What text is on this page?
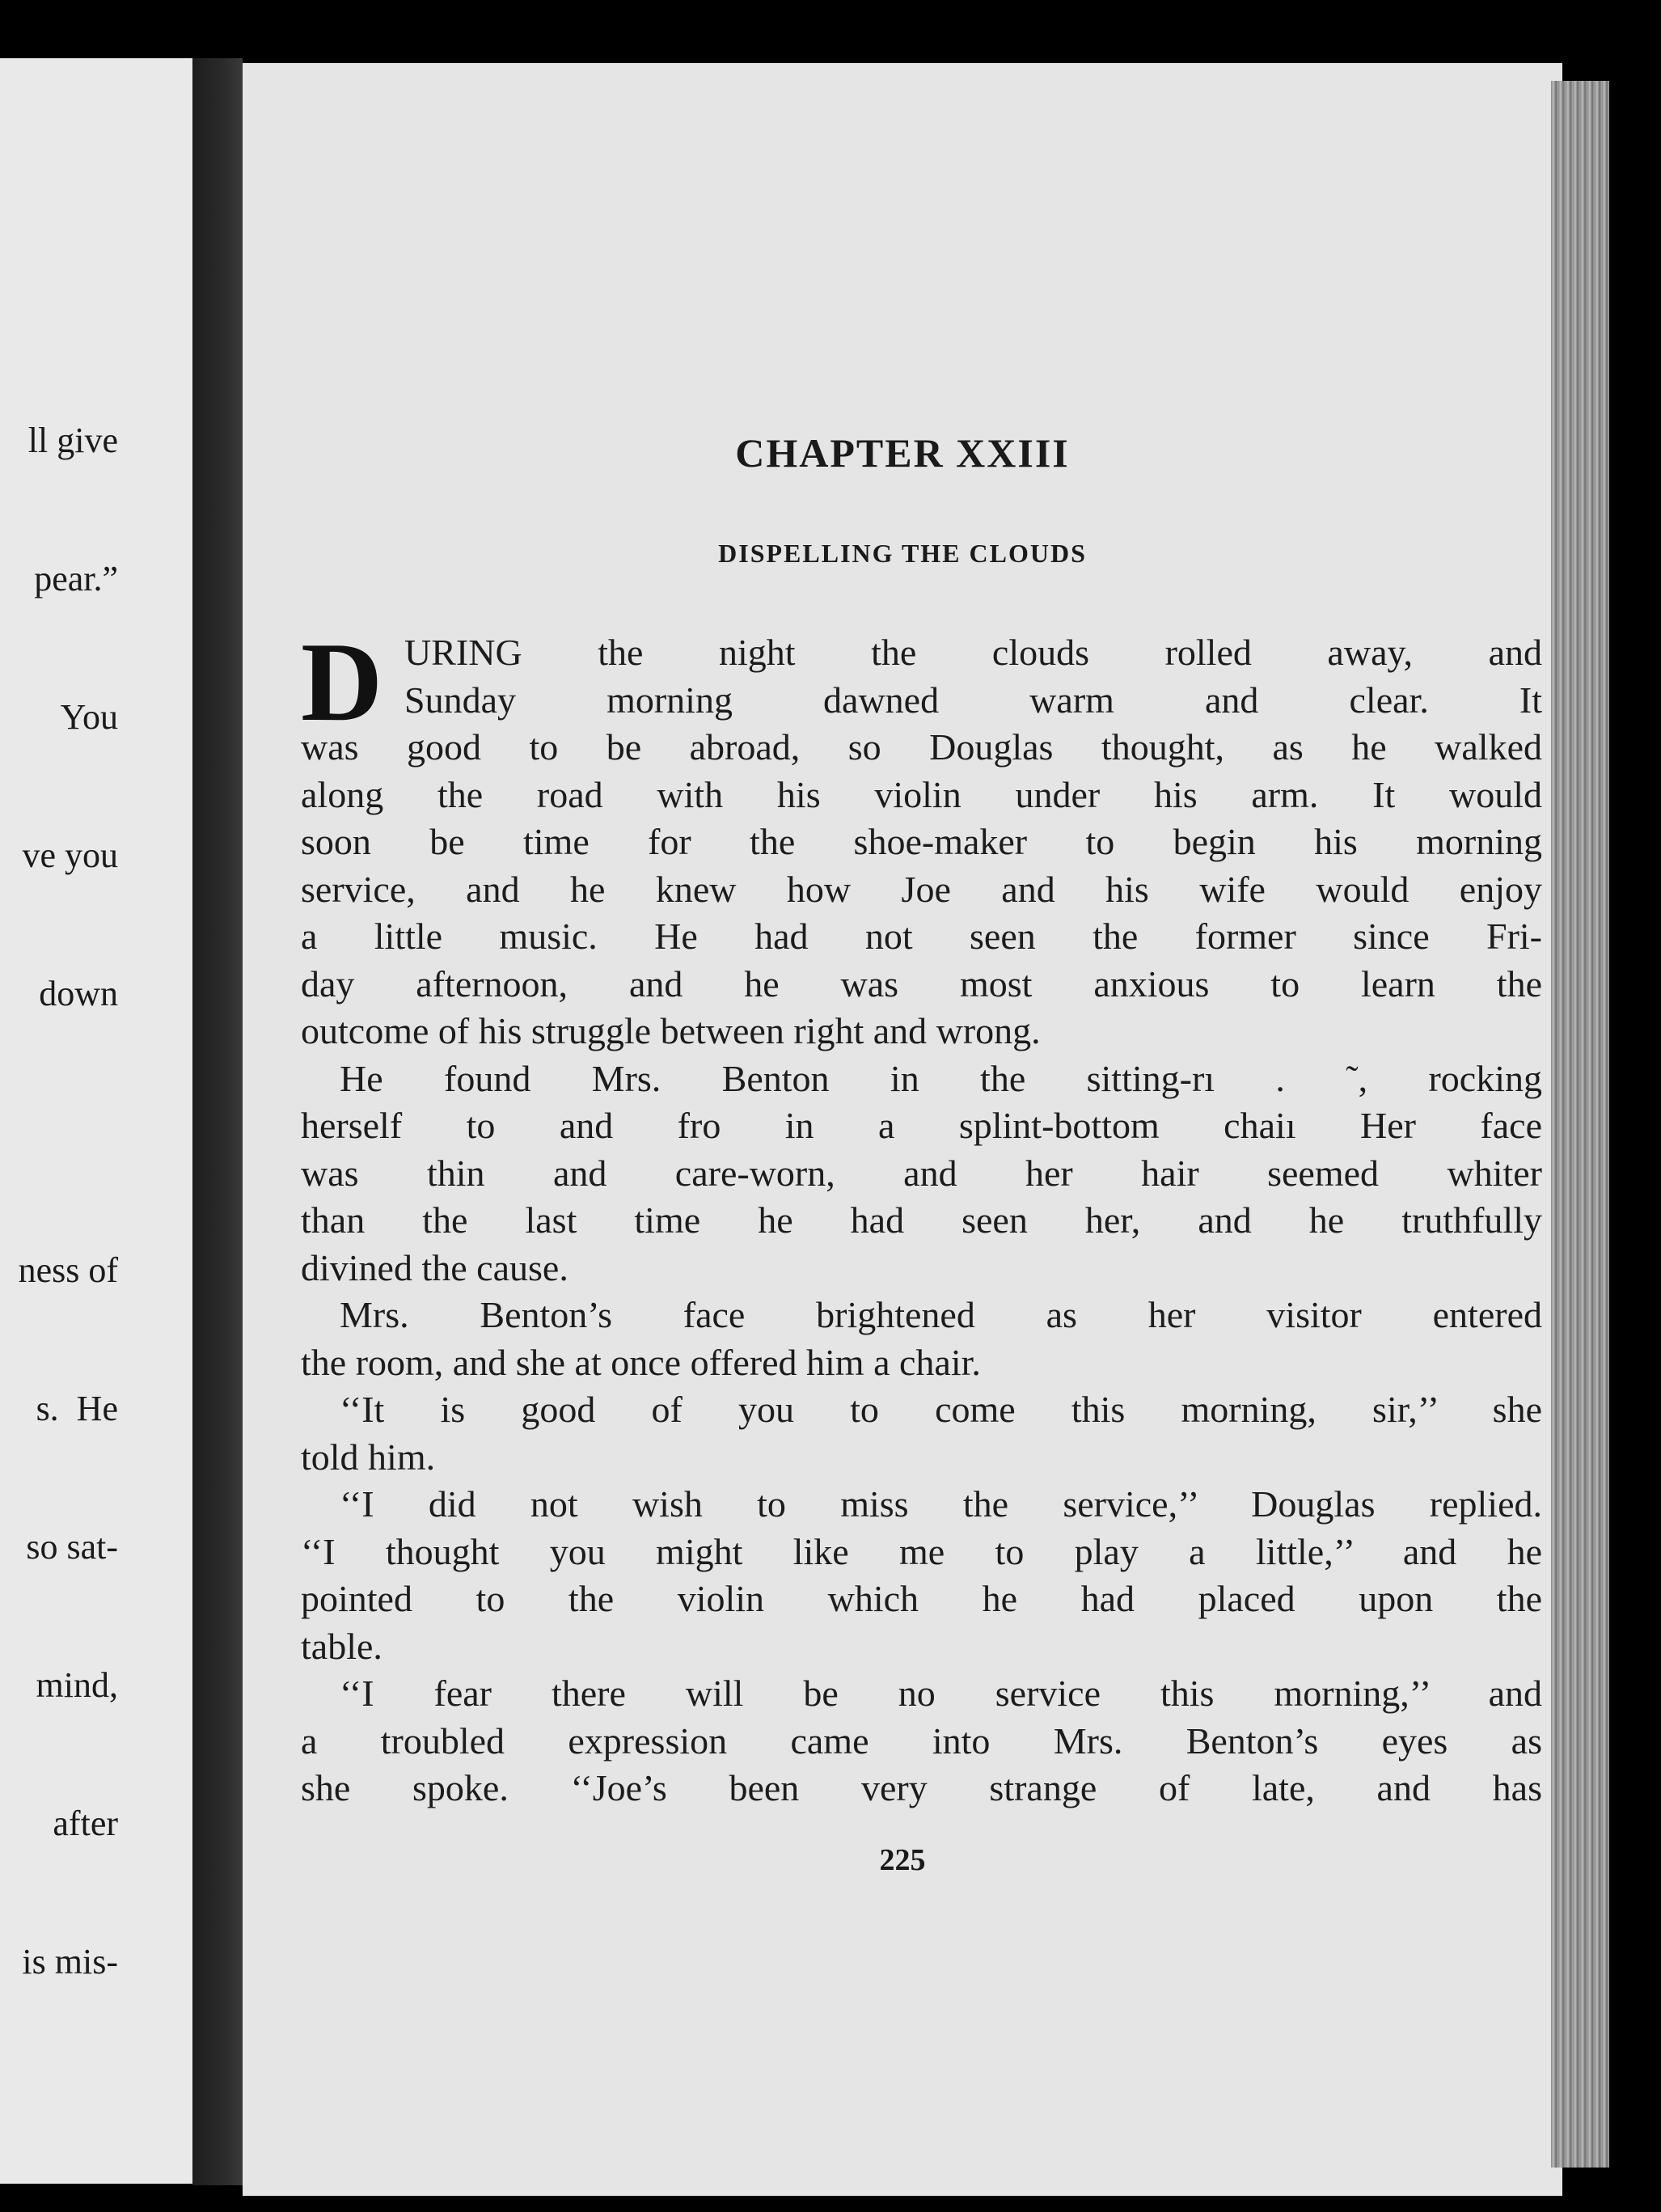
ll give

pear.”

You

ve you

down

ness of

s.  He

so sat-

mind,

after

is mis-

CHAPTER XXIII
DISPELLING THE CLOUDS
D URING the night the clouds rolled away, and
Sunday morning dawned warm and clear. It
was good to be abroad, so Douglas thought, as he walked
along the road with his violin under his arm. It would
soon be time for the shoe-maker to begin his morning
service, and he knew how Joe and his wife would enjoy
a little music. He had not seen the former since Fri-
day afternoon, and he was most anxious to learn the
outcome of his struggle between right and wrong.
He found Mrs. Benton in the sitting-rı . ˜, rocking
herself to and fro in a splint-bottom chaiı Her face
was thin and care-worn, and her hair seemed whiter
than the last time he had seen her, and he truthfully
divined the cause.
Mrs. Benton’s face brightened as her visitor entered
the room, and she at once offered him a chair.
‘‘It is good of you to come this morning, sir,’’ she
told him.
‘‘I did not wish to miss the service,’’ Douglas replied.
‘‘I thought you might like me to play a little,’’ and he
pointed to the violin which he had placed upon the
table.
‘‘I fear there will be no service this morning,’’ and
a troubled expression came into Mrs. Benton’s eyes as
she spoke. ‘‘Joe’s been very strange of late, and has
225
